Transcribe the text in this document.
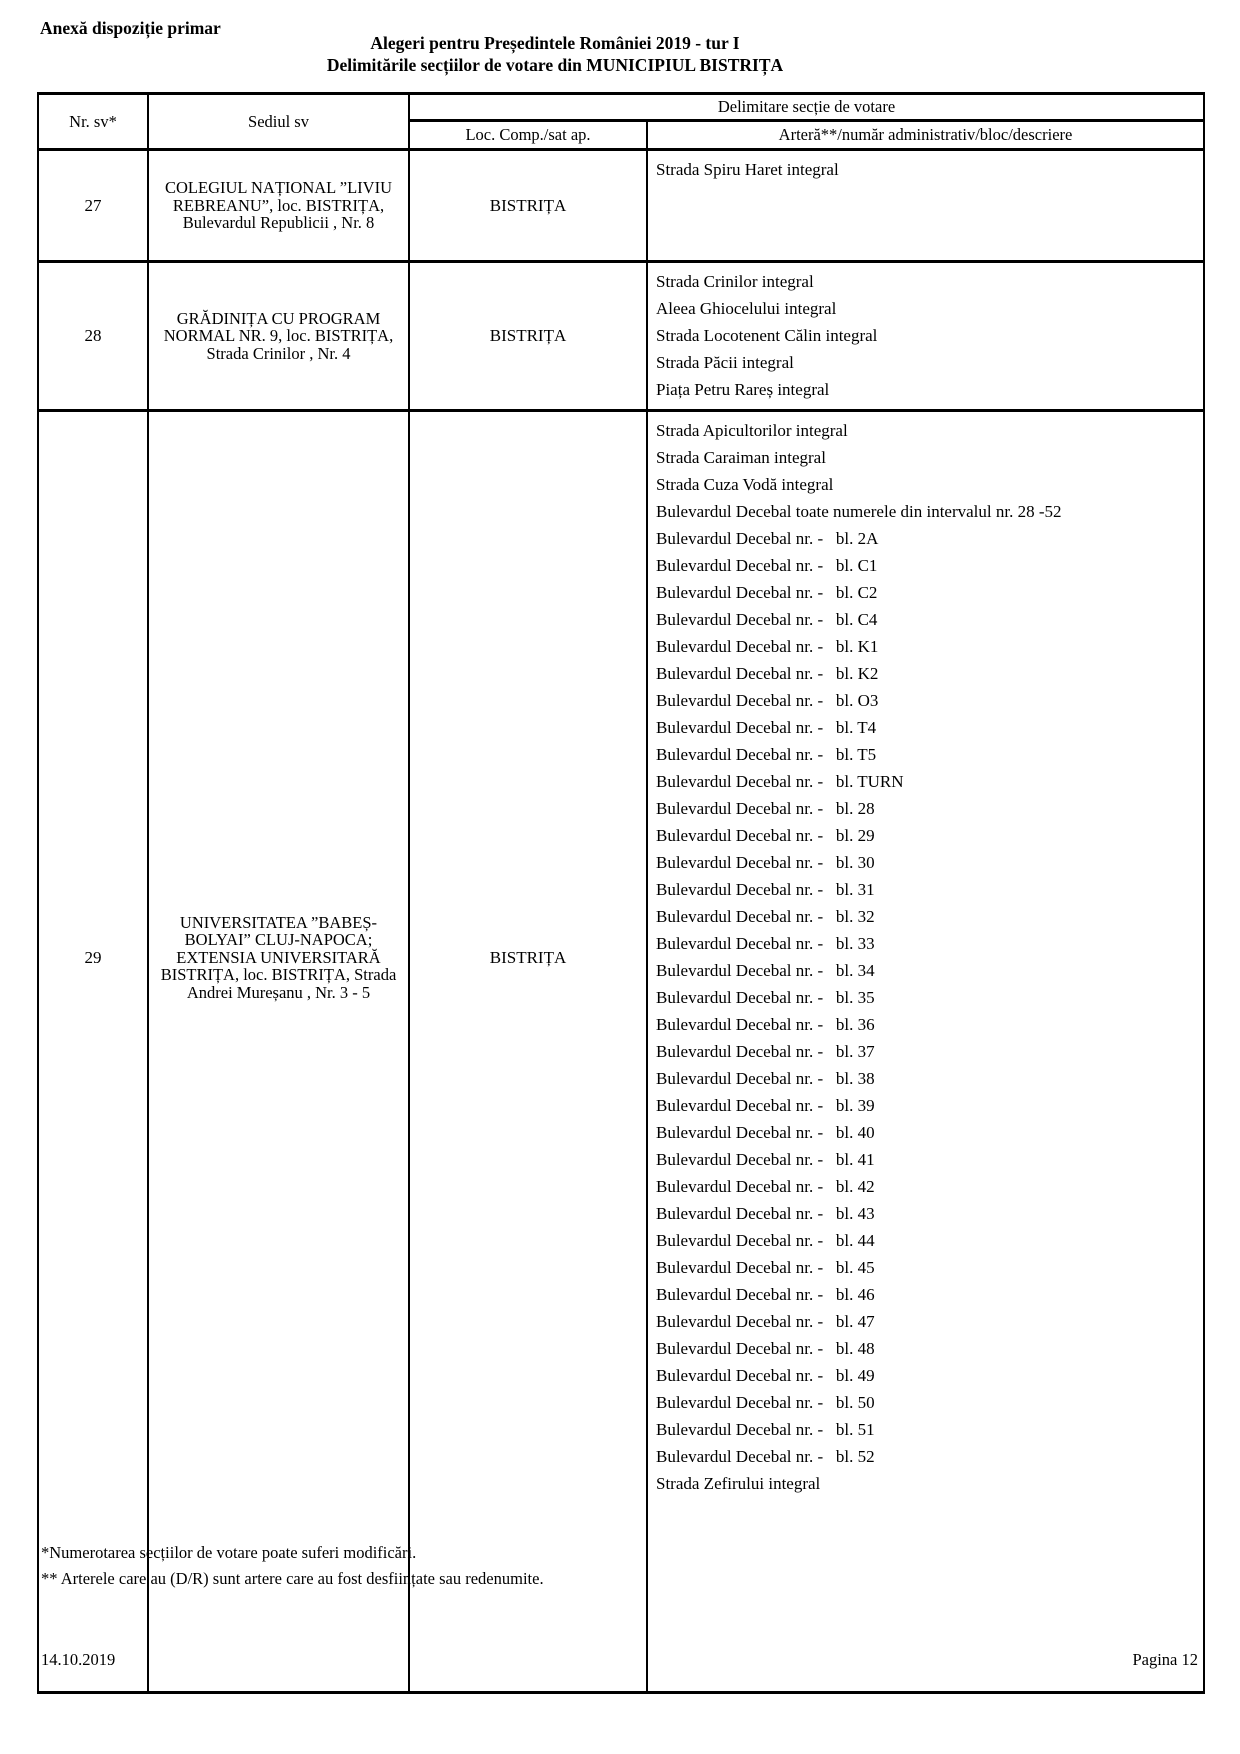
Anexă dispoziție primar
Alegeri pentru Președintele României 2019 - tur I
Delimitările secțiilor de votare din MUNICIPIUL BISTRIȚA
Nr. sv*	Sediul sv	Delimitare secție de votare	
		Loc. Comp./sat ap.	Arteră**/număr administrativ/bloc/descriere
27	COLEGIUL NAȚIONAL ”LIVIU REBREANU”, loc. BISTRIȚA, Bulevardul Republicii , Nr. 8	BISTRIȚA	Strada Spiru Haret integral

28	GRĂDINIȚA CU PROGRAM NORMAL NR. 9, loc. BISTRIȚA, Strada Crinilor , Nr. 4	BISTRIȚA	Strada Crinilor integral
Aleea Ghiocelului integral
Strada Locotenent Călin integral
Strada Păcii integral
Piața Petru Rareș integral

29	UNIVERSITATEA ”BABEȘ-BOLYAI” CLUJ-NAPOCA; EXTENSIA UNIVERSITARĂ BISTRIȚA, loc. BISTRIȚA, Strada Andrei Mureșanu , Nr. 3 - 5	BISTRIȚA	
Strada Apicultorilor integral
Strada Caraiman integral
Strada Cuza Vodă integral
Bulevardul Decebal toate numerele din intervalul nr. 28 -52
Bulevardul Decebal nr. -   bl. 2A
Bulevardul Decebal nr. -   bl. C1
Bulevardul Decebal nr. -   bl. C2
Bulevardul Decebal nr. -   bl. C4
Bulevardul Decebal nr. -   bl. K1
Bulevardul Decebal nr. -   bl. K2
Bulevardul Decebal nr. -   bl. O3
Bulevardul Decebal nr. -   bl. T4
Bulevardul Decebal nr. -   bl. T5
Bulevardul Decebal nr. -   bl. TURN
Bulevardul Decebal nr. -   bl. 28
Bulevardul Decebal nr. -   bl. 29
Bulevardul Decebal nr. -   bl. 30
Bulevardul Decebal nr. -   bl. 31
Bulevardul Decebal nr. -   bl. 32
Bulevardul Decebal nr. -   bl. 33
Bulevardul Decebal nr. -   bl. 34
Bulevardul Decebal nr. -   bl. 35
Bulevardul Decebal nr. -   bl. 36
Bulevardul Decebal nr. -   bl. 37
Bulevardul Decebal nr. -   bl. 38
Bulevardul Decebal nr. -   bl. 39
Bulevardul Decebal nr. -   bl. 40
Bulevardul Decebal nr. -   bl. 41
Bulevardul Decebal nr. -   bl. 42
Bulevardul Decebal nr. -   bl. 43
Bulevardul Decebal nr. -   bl. 44
Bulevardul Decebal nr. -   bl. 45
Bulevardul Decebal nr. -   bl. 46
Bulevardul Decebal nr. -   bl. 47
Bulevardul Decebal nr. -   bl. 48
Bulevardul Decebal nr. -   bl. 49
Bulevardul Decebal nr. -   bl. 50
Bulevardul Decebal nr. -   bl. 51
Bulevardul Decebal nr. -   bl. 52
Strada Zefirului integral
*Numerotarea secțiilor de votare poate suferi modificări.
** Arterele care au (D/R) sunt artere care au fost desființate sau redenumite.
14.10.2019	Pagina 12
